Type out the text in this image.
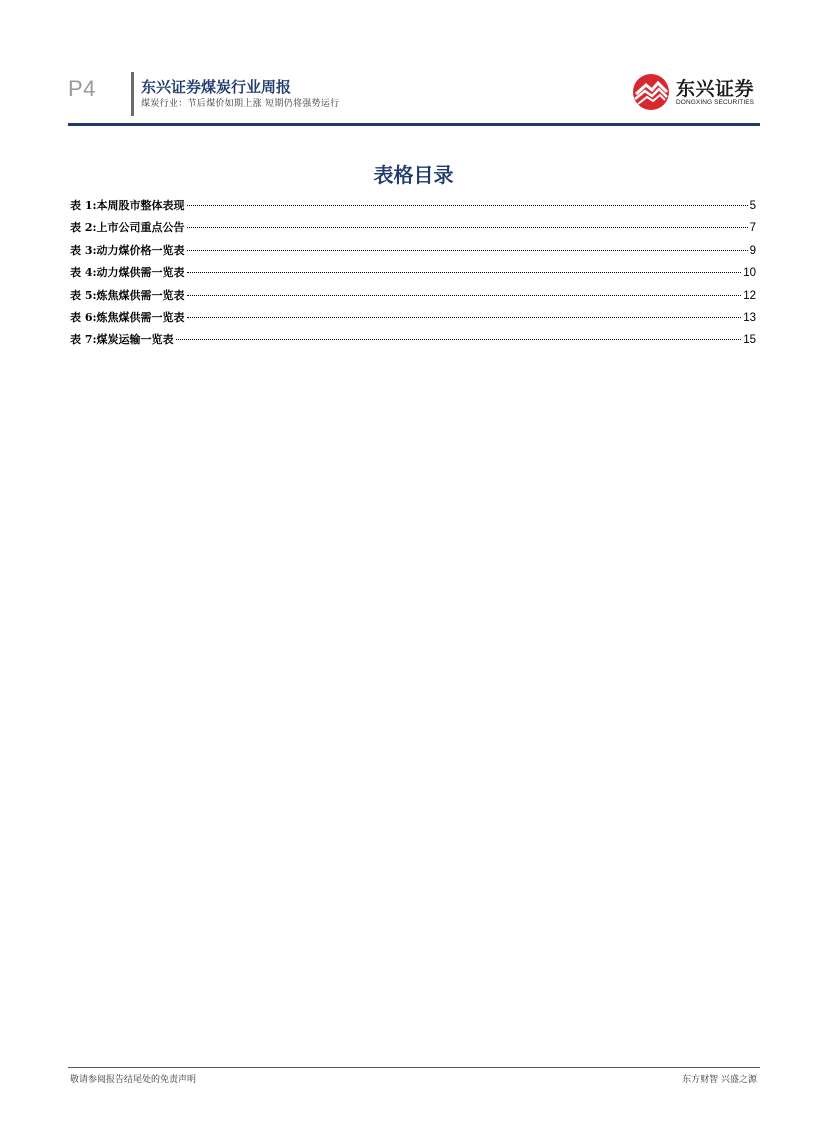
P4	东兴证券煤炭行业周报
煤炭行业：节后煤价如期上涨 短期仍将强势运行
东兴证券
DONGXING SECURITIES
表格目录
表 1:本周股市整体表现	5
表 2:上市公司重点公告	7
表 3:动力煤价格一览表	9
表 4:动力煤供需一览表	10
表 5:炼焦煤供需一览表	12
表 6:炼焦煤供需一览表	13
表 7:煤炭运输一览表	15
敬请参阅报告结尾处的免责声明	东方财智 兴盛之源
